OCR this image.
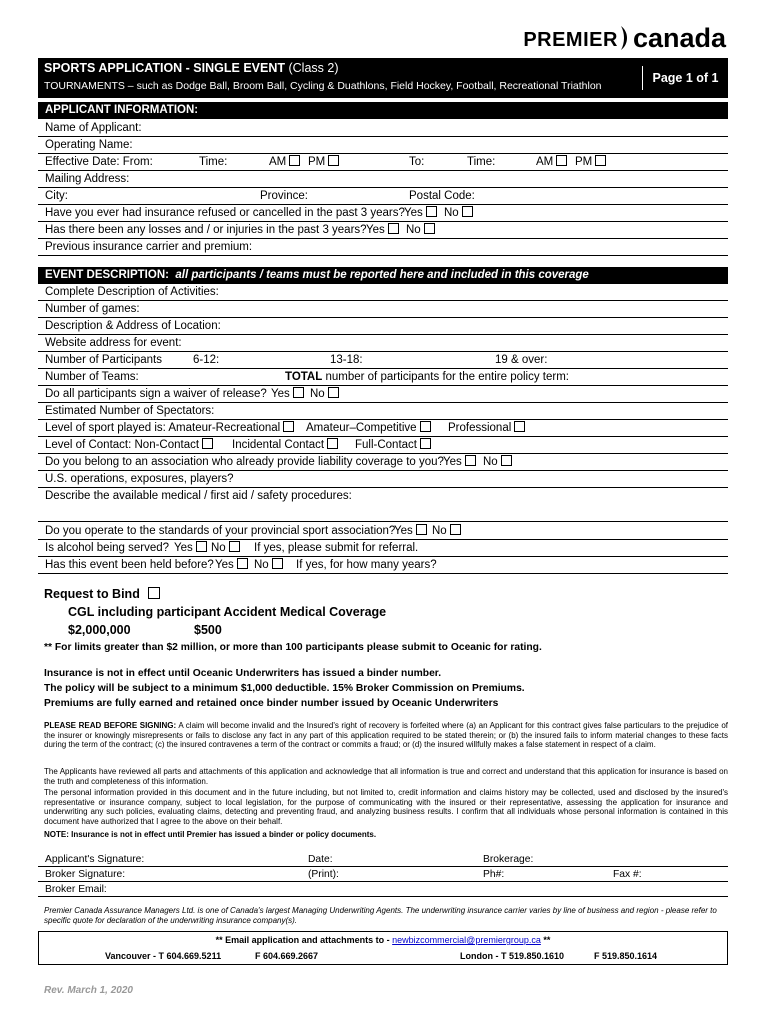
PREMIER canada
SPORTS APPLICATION - SINGLE EVENT (Class 2)
TOURNAMENTS – such as Dodge Ball, Broom Ball, Cycling & Duathlons, Field Hockey, Football, Recreational Triathlon
Page 1 of 1
APPLICANT INFORMATION:
Name of Applicant:
Operating Name:
Effective Date: From:	Time:	AM	PM	To:	Time:	AM	PM
Mailing Address:
City:	Province:	Postal Code:
Have you ever had insurance refused or cancelled in the past 3 years? Yes	No
Has there been any losses and / or injuries in the past 3 years? Yes	No
Previous insurance carrier and premium:
EVENT DESCRIPTION: all participants / teams must be reported here and included in this coverage
Complete Description of Activities:
Number of games:
Description & Address of Location:
Website address for event:
Number of Participants	6-12:	13-18:	19 & over:
Number of Teams:	TOTAL number of participants for the entire policy term:
Do all participants sign a waiver of release? Yes	No
Estimated Number of Spectators:
Level of sport played is: Amateur-Recreational	Amateur–Competitive	Professional
Level of Contact: Non-Contact	Incidental Contact	Full-Contact
Do you belong to an association who already provide liability coverage to you? Yes	No
U.S. operations, exposures, players?
Describe the available medical / first aid / safety procedures:
Do you operate to the standards of your provincial sport association?
Yes	No
Is alcohol being served? Yes	No	If yes, please submit for referral.
Has this event been held before? Yes	No	If yes, for how many years?
Request to Bind
CGL including participant Accident Medical Coverage
$2,000,000	$500
** For limits greater than $2 million, or more than 100 participants please submit to Oceanic for rating.
Insurance is not in effect until Oceanic Underwriters has issued a binder number.
The policy will be subject to a minimum $1,000 deductible. 15% Broker Commission on Premiums.
Premiums are fully earned and retained once binder number issued by Oceanic Underwriters
PLEASE READ BEFORE SIGNING: A claim will become invalid and the Insured's right of recovery is forfeited where (a) an Applicant for this contract gives false particulars to the prejudice of the insurer or knowingly misrepresents or fails to disclose any fact in any part of this application required to be stated therein; or (b) the insured fails to inform material changes to these facts during the term of the contract; (c) the insured contravenes a term of the contract or commits a fraud; or (d) the insured willfully makes a false statement in respect of a claim.
The Applicants have reviewed all parts and attachments of this application and acknowledge that all information is true and correct and understand that this application for insurance is based on the truth and completeness of this information.
The personal information provided in this document and in the future including, but not limited to, credit information and claims history may be collected, used and disclosed by the insured's representative or insurance company, subject to local legislation, for the purpose of communicating with the insured or their representative, assessing the application for insurance and underwriting any such policies, evaluating claims, detecting and preventing fraud, and analyzing business results. I confirm that all individuals whose personal information is contained in this document have authorized that I agree to the above on their behalf.
NOTE: Insurance is not in effect until Premier has issued a binder or policy documents.
Applicant's Signature:	Date:	Brokerage:
Broker Signature:	(Print):	Ph#:	Fax #:
Broker Email:
Premier Canada Assurance Managers Ltd. is one of Canada's largest Managing Underwriting Agents. The underwriting insurance carrier varies by line of business and region - please refer to specific quote for declaration of the underwriting insurance company(s).
** Email application and attachments to - newbizcommercial@premiergroup.ca **
Vancouver - T 604.669.5211	F 604.669.2667	London - T 519.850.1610	F 519.850.1614
Rev. March 1, 2020
